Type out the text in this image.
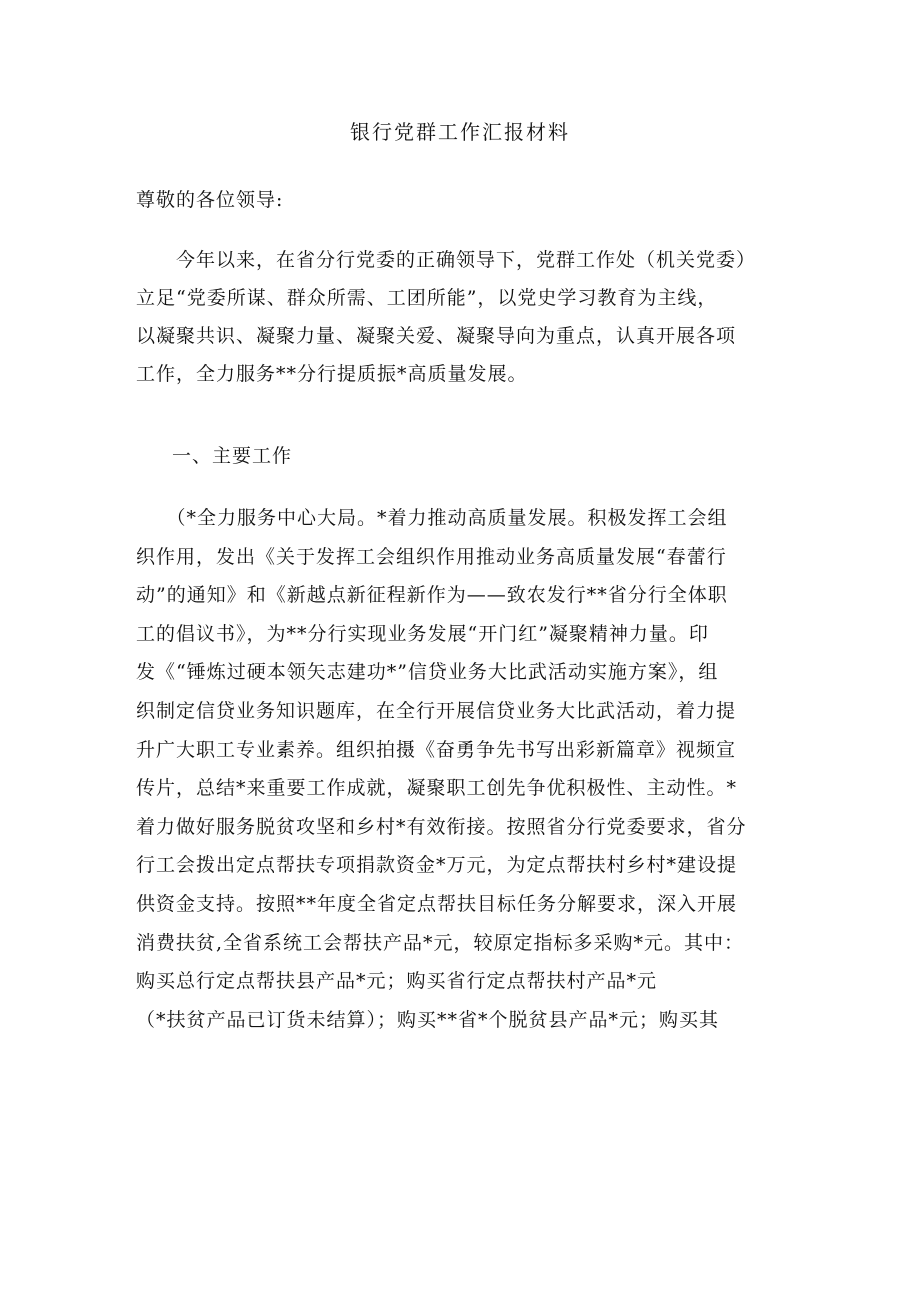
银行党群工作汇报材料
尊敬的各位领导:
　　今年以来，在省分行党委的正确领导下，党群工作处（机关党委）
立足“党委所谋、群众所需、工团所能”，以党史学习教育为主线，
以凝聚共识、凝聚力量、凝聚关爱、凝聚导向为重点，认真开展各项
工作，全力服务**分行提质振*高质量发展。
一、主要工作
　　（*全力服务中心大局。*着力推动高质量发展。积极发挥工会组
织作用，发出《关于发挥工会组织作用推动业务高质量发展“春蕾行
动”的通知》和《新越点新征程新作为——致农发行**省分行全体职
工的倡议书》，为**分行实现业务发展“开门红”凝聚精神力量。印
发《“锤炼过硬本领矢志建功*”信贷业务大比武活动实施方案》，组
织制定信贷业务知识题库，在全行开展信贷业务大比武活动，着力提
升广大职工专业素养。组织拍摄《奋勇争先书写出彩新篇章》视频宣
传片，总结*来重要工作成就，凝聚职工创先争优积极性、主动性。*
着力做好服务脱贫攻坚和乡村*有效衔接。按照省分行党委要求，省分
行工会拨出定点帮扶专项捐款资金*万元，为定点帮扶村乡村*建设提
供资金支持。按照**年度全省定点帮扶目标任务分解要求，深入开展
消费扶贫,全省系统工会帮扶产品*元，较原定指标多采购*元。其中：
购买总行定点帮扶县产品*元；购买省行定点帮扶村产品*元
（*扶贫产品已订货未结算）；购买**省*个脱贫县产品*元；购买其
